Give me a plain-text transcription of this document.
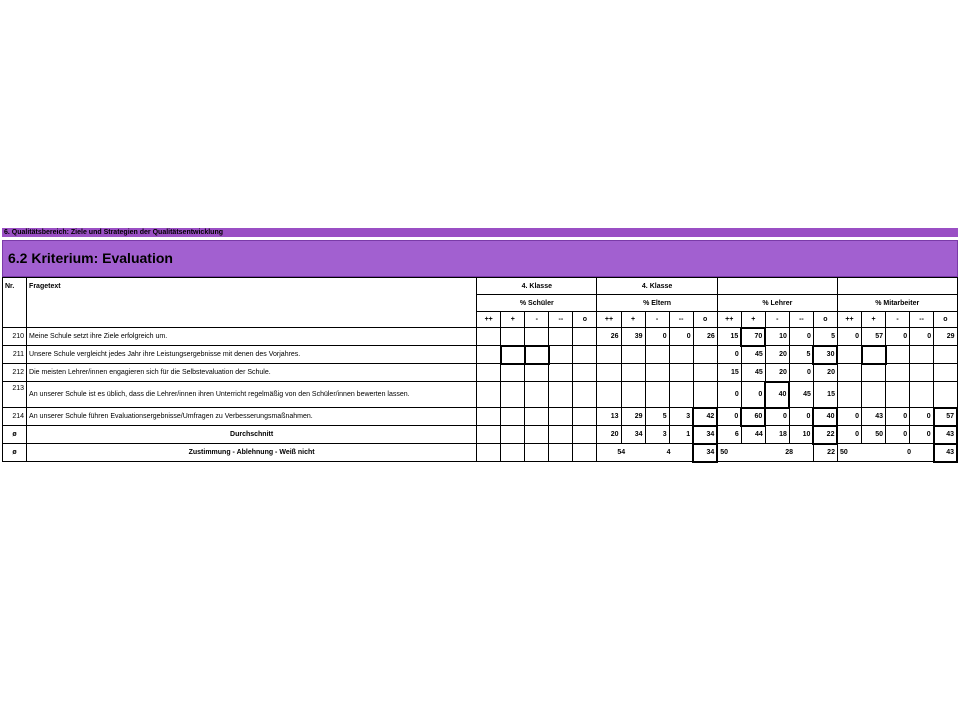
6. Qualitätsbereich: Ziele und Strategien der Qualitätsentwicklung
6.2 Kriterium: Evaluation
Nr.	Fragetext	4. Klasse					4. Klasse														
		% Schüler					% Eltern					% Lehrer					% Mitarbeiter				
		++	+	-	--	o	++	+	-	--	o	++	+	-	--	o	++	+	-	--	o
210	Meine Schule setzt ihre Ziele erfolgreich um.						26	39	0	0	26	15	70	10	0	5	0	57	0	0	29
211	Unsere Schule vergleicht jedes Jahr ihre Leistungsergebnisse mit denen des Vorjahres.											0	45	20	5	30					
212	Die meisten Lehrer/innen engagieren sich für die Selbstevaluation der Schule.											15	45	20	0	20					
213	An unserer Schule ist es üblich, dass die Lehrer/innen ihren Unterricht regelmäßig von den Schüler/innen bewerten lassen.											0	0	40	45	15					
214	An unserer Schule führen Evaluationsergebnisse/Umfragen zu Verbesserungsmaßnahmen.						13	29	5	3	42	0	60	0	0	40	0	43	0	0	57
ø	Durchschnitt						20	34	3	1	34	6	44	18	10	22	0	50	0	0	43
ø	Zustimmung - Ablehnung - Weiß nicht						54		4		34	50		28		22	50		0		43
